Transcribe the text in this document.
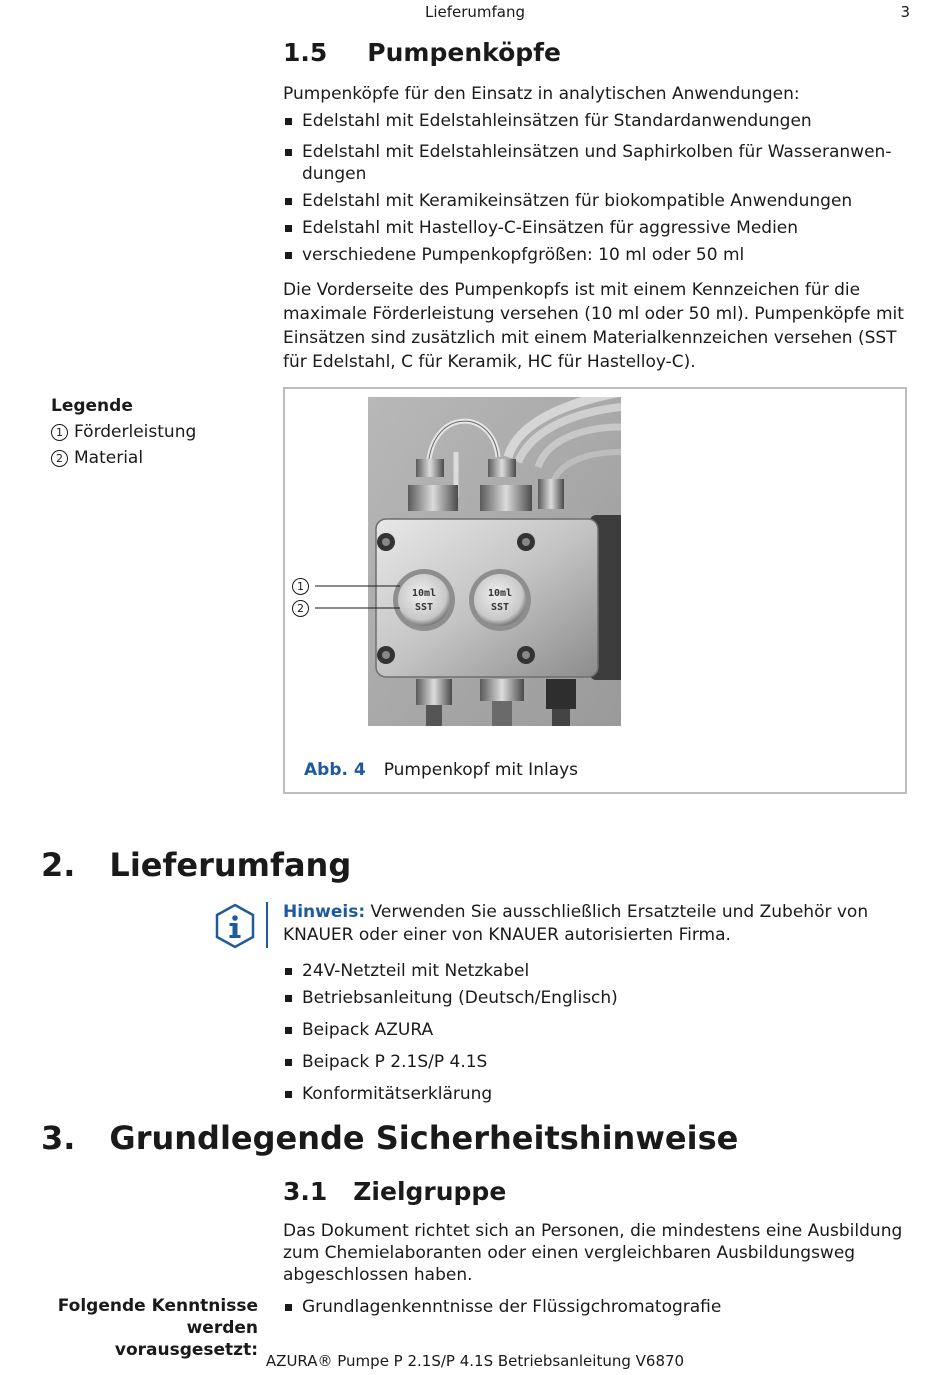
Lieferumfang	3
1.5 Pumpenköpfe
Pumpenköpfe für den Einsatz in analytischen Anwendungen:
Edelstahl mit Edelstahleinsätzen für Standardanwendungen
Edelstahl mit Edelstahleinsätzen und Saphirkolben für Wasseranwen-dungen
Edelstahl mit Keramikeinsätzen für biokompatible Anwendungen
Edelstahl mit Hastelloy-C-Einsätzen für aggressive Medien
verschiedene Pumpenkopfgrößen: 10 ml oder 50 ml
Die Vorderseite des Pumpenkopfs ist mit einem Kennzeichen für die maximale Förderleistung versehen (10 ml oder 50 ml). Pumpenköpfe mit Einsätzen sind zusätzlich mit einem Materialkennzeichen versehen (SST für Edelstahl, C für Keramik, HC für Hastelloy-C).
Legende
1 Förderleistung
2 Material
10ml
SST
10ml
SST
1
2
Abb. 4 Pumpenkopf mit Inlays
2. Lieferumfang
Hinweis: Verwenden Sie ausschließlich Ersatzteile und Zubehör von KNAUER oder einer von KNAUER autorisierten Firma.
24V-Netzteil mit Netzkabel
Betriebsanleitung (Deutsch/Englisch)
Beipack AZURA
Beipack P 2.1S/P 4.1S
Konformitätserklärung
3. Grundlegende Sicherheitshinweise
3.1 Zielgruppe
Das Dokument richtet sich an Personen, die mindestens eine Ausbildung zum Chemielaboranten oder einen vergleichbaren Ausbildungsweg abgeschlossen haben.
Folgende Kenntnisse
werden vorausgesetzt:
Grundlagenkenntnisse der Flüssigchromatografie
AZURA® Pumpe P 2.1S/P 4.1S Betriebsanleitung V6870
